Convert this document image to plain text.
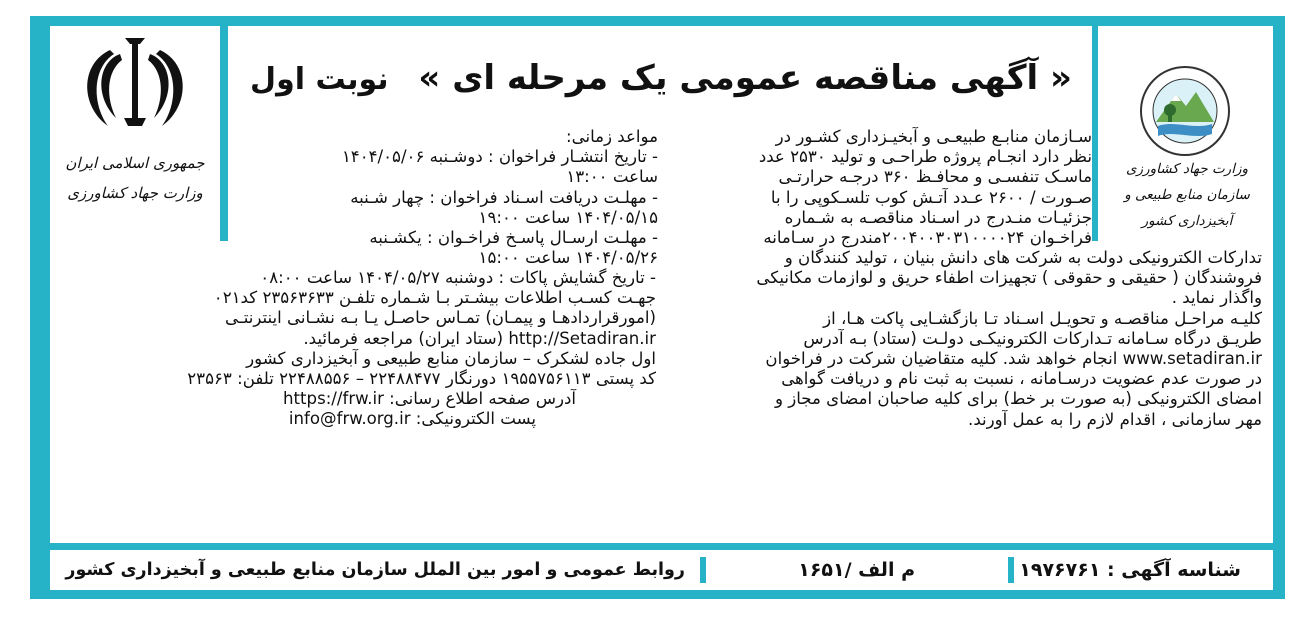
جمهوری اسلامی ایران
وزارت جهاد کشاورزی
وزارت جهاد کشاورزی
سازمان منابع طبیعی و آبخیزداری کشور
« آگهی مناقصه عمومی یک مرحله ای » نوبت اول
سـازمان منابـع طبیعـی و آبخیـزداری کشـور در
نظر دارد انجـام پروژه طراحـی و تولید ۲۵۳۰ عدد
ماسـک تنفسـی و محافـظ ۳۶۰ درجـه حرارتـی
صـورت / ۲۶۰۰ عـدد آتـش کوب تلسـکوپی را با
جزئیـات منـدرج در اسـناد مناقصـه به شـماره
فراخـوان ۲۰۰۴۰۰۳۰۳۱۰۰۰۰۲۴مندرج در سـامانه
تدارکات الکترونیکی دولت به شرکت های دانش بنیان ، تولید کنندگان و
فروشندگان ( حقیقی و حقوقی ) تجهیزات اطفاء حریق و لوازمات مکانیکی
واگذار نماید .
کلیـه مراحـل مناقصـه و تحویـل اسـناد تـا بازگشـایی پاکت هـا، از
طریـق درگاه سـامانه تـدارکات الکترونیکـی دولـت (ستاد) بـه آدرس
www.setadiran.ir انجام خواهد شد. کلیه متقاضیان شرکت در فراخوان
در صورت عدم عضویت درسـامانه ، نسبت به ثبت نام و دریافت گواهی
امضای الکترونیکی (به صورت بر خط) برای کلیه صاحبان امضای مجاز و
مهر سازمانی ، اقدام لازم را به عمل آورند.
مواعد زمانی:
- تاریخ انتشـار فراخوان : دوشـنبه ۱۴۰۴/۰۵/۰۶
ساعت ۱۳:۰۰
- مهلـت دریافت اسـناد فراخوان : چهار شـنبه
۱۴۰۴/۰۵/۱۵ ساعت ۱۹:۰۰
- مهلـت ارسـال پاسـخ فراخـوان : یکشـنبه
۱۴۰۴/۰۵/۲۶ ساعت ۱۵:۰۰
- تاریخ گشایش پاکات : دوشنبه ۱۴۰۴/۰۵/۲۷ ساعت ۰۸:۰۰
جهـت کسـب اطلاعات بیشـتر بـا شـماره تلفـن ۲۳۵۶۳۶۳۳ کد۰۲۱
(امورقراردادهـا و پیمـان) تمـاس حاصـل یـا بـه نشـانی اینترنتـی
http://Setadiran.ir (ستاد ایران) مراجعه فرمائید.
اول جاده لشکرک – سازمان منابع طبیعی و آبخیزداری کشور
کد پستی ۱۹۵۵۷۵۶۱۱۳ دورنگار ۲۲۴۸۸۴۷۷ – ۲۲۴۸۸۵۵۶ تلفن: ۲۳۵۶۳
آدرس صفحه اطلاع رسانی: https://frw.ir
پست الکترونیکی: info@frw.org.ir
شناسه آگهی : ۱۹۷۶۷۶۱
م الف /۱۶۵۱
روابط عمومی و امور بین الملل سازمان منابع طبیعی و آبخیزداری کشور
